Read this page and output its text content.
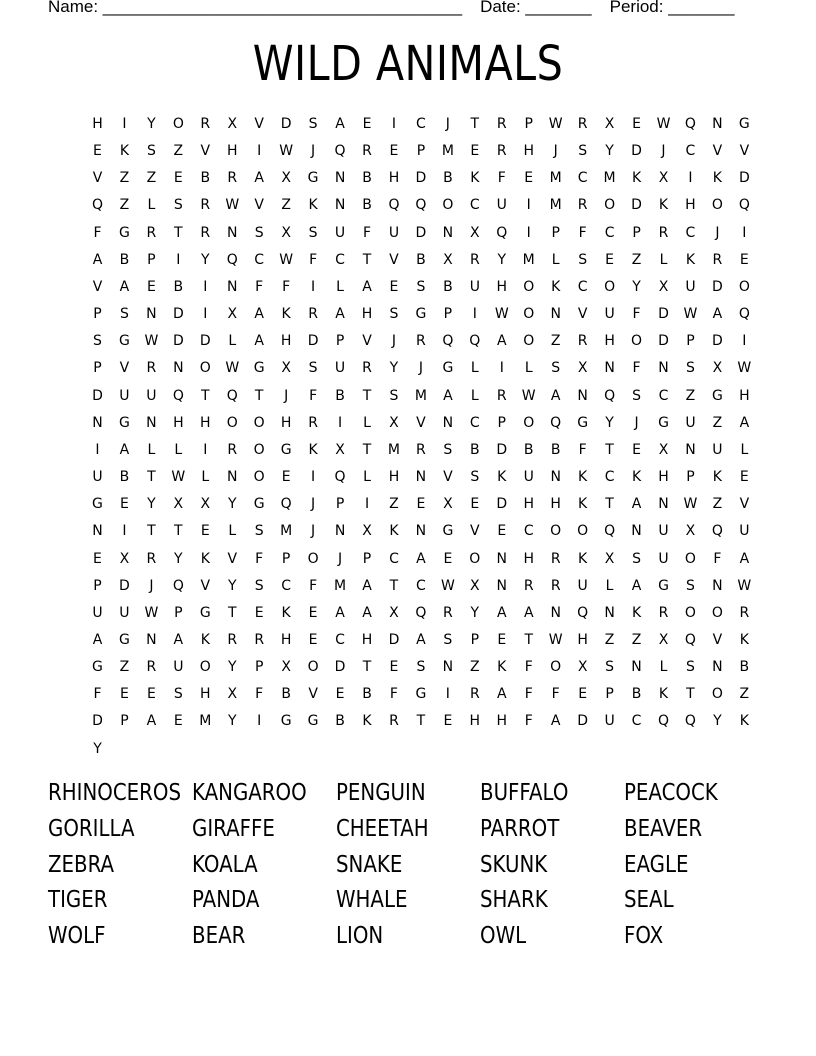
Name: ______________________________________ Date: _______ Period: _______
WILD ANIMALS
H	I	Y	O	R	X	V	D	S	A	E	I	C	J	T	R	P	W	R	X	E	W	Q	N	G
E	K	S	Z	V	H	I	W	J	Q	R	E	P	M	E	R	H	J	S	Y	D	J	C	V	V
V	Z	Z	E	B	R	A	X	G	N	B	H	D	B	K	F	E	M	C	M	K	X	I	K	D
Q	Z	L	S	R	W	V	Z	K	N	B	Q	Q	O	C	U	I	M	R	O	D	K	H	O	Q
F	G	R	T	R	N	S	X	S	U	F	U	D	N	X	Q	I	P	F	C	P	R	C	J	I
A	B	P	I	Y	Q	C	W	F	C	T	V	B	X	R	Y	M	L	S	E	Z	L	K	R	E
V	A	E	B	I	N	F	F	I	L	A	E	S	B	U	H	O	K	C	O	Y	X	U	D	O
P	S	N	D	I	X	A	K	R	A	H	S	G	P	I	W	O	N	V	U	F	D	W	A	Q
S	G	W	D	D	L	A	H	D	P	V	J	R	Q	Q	A	O	Z	R	H	O	D	P	D	I
P	V	R	N	O	W	G	X	S	U	R	Y	J	G	L	I	L	S	X	N	F	N	S	X	W
D	U	U	Q	T	Q	T	J	F	B	T	S	M	A	L	R	W	A	N	Q	S	C	Z	G	H
N	G	N	H	H	O	O	H	R	I	L	X	V	N	C	P	O	Q	G	Y	J	G	U	Z	A
I	A	L	L	I	R	O	G	K	X	T	M	R	S	B	D	B	B	F	T	E	X	N	U	L
U	B	T	W	L	N	O	E	I	Q	L	H	N	V	S	K	U	N	K	C	K	H	P	K	E
G	E	Y	X	X	Y	G	Q	J	P	I	Z	E	X	E	D	H	H	K	T	A	N	W	Z	V
N	I	T	T	E	L	S	M	J	N	X	K	N	G	V	E	C	O	O	Q	N	U	X	Q	U
E	X	R	Y	K	V	F	P	O	J	P	C	A	E	O	N	H	R	K	X	S	U	O	F	A
P	D	J	Q	V	Y	S	C	F	M	A	T	C	W	X	N	R	R	U	L	A	G	S	N	W
U	U	W	P	G	T	E	K	E	A	A	X	Q	R	Y	A	A	N	Q	N	K	R	O	O	R
A	G	N	A	K	R	R	H	E	C	H	D	A	S	P	E	T	W	H	Z	Z	X	Q	V	K
G	Z	R	U	O	Y	P	X	O	D	T	E	S	N	Z	K	F	O	X	S	N	L	S	N	B
F	E	E	S	H	X	F	B	V	E	B	F	G	I	R	A	F	F	E	P	B	K	T	O	Z
D	P	A	E	M	Y	I	G	G	B	K	R	T	E	H	H	F	A	D	U	C	Q	Q	Y	K
Y
RHINOCEROS KANGAROO	PENGUIN	BUFFALO	PEACOCK
GORILLA	GIRAFFE	CHEETAH	PARROT	BEAVER
ZEBRA	KOALA	SNAKE	SKUNK	EAGLE
TIGER	PANDA	WHALE	SHARK	SEAL
WOLF	BEAR	LION	OWL	FOX
